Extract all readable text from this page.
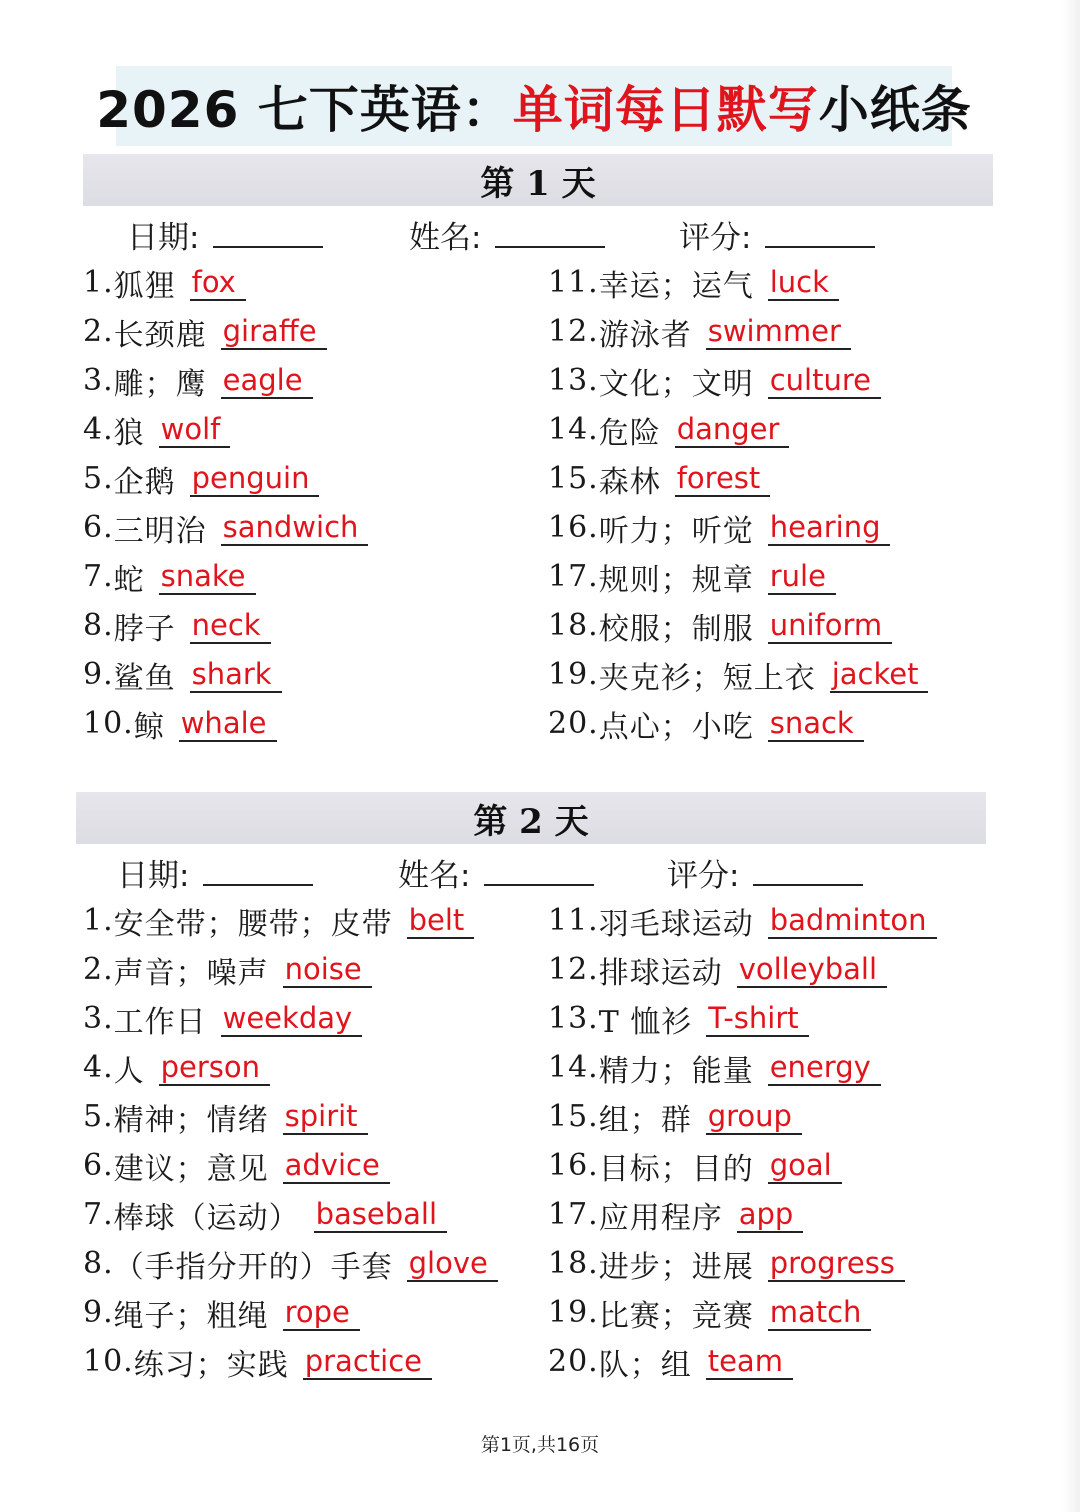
2026 七下英语： 单词每日默写 小纸条
第 1 天
日期:	姓名:	评分:
1. 狐狸 fox
2. 长颈鹿 giraffe
3. 雕；鹰 eagle
4. 狼 wolf
5. 企鹅 penguin
6. 三明治 sandwich
7. 蛇 snake
8. 脖子 neck
9. 鲨鱼 shark
10. 鲸 whale
11. 幸运；运气 luck
12. 游泳者 swimmer
13. 文化；文明 culture
14. 危险 danger
15. 森林 forest
16. 听力；听觉 hearing
17. 规则；规章 rule
18. 校服；制服 uniform
19. 夹克衫；短上衣 jacket
20. 点心；小吃 snack
第 2 天
日期:	姓名:	评分:
1. 安全带；腰带；皮带 belt
2. 声音；噪声 noise
3. 工作日 weekday
4. 人 person
5. 精神；情绪 spirit
6. 建议；意见 advice
7. 棒球（运动） baseball
8. （手指分开的）手套 glove
9. 绳子；粗绳 rope
10. 练习；实践 practice
11. 羽毛球运动 badminton
12. 排球运动 volleyball
13. T 恤衫 T-shirt
14. 精力；能量 energy
15. 组；群 group
16. 目标；目的 goal
17. 应用程序 app
18. 进步；进展 progress
19. 比赛；竞赛 match
20. 队；组 team
第1页,共16页
